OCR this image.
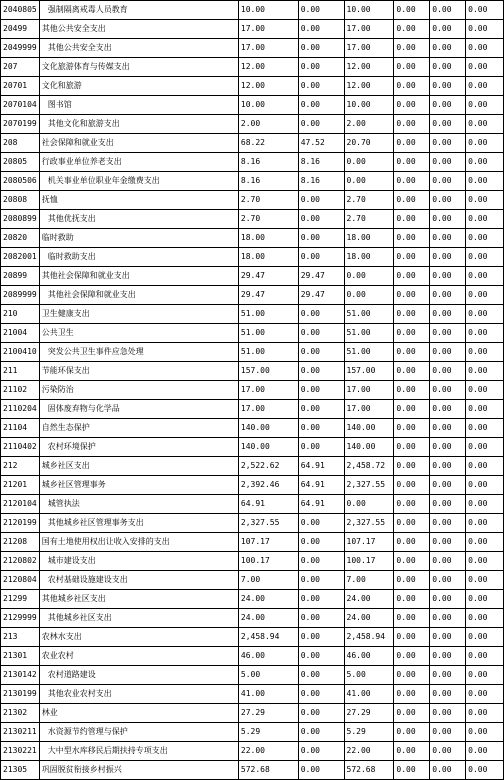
2040805	强制隔离戒毒人员教育	10.00	0.00	10.00	0.00	0.00	0.00
20499	其他公共安全支出	17.00	0.00	17.00	0.00	0.00	0.00
2049999	其他公共安全支出	17.00	0.00	17.00	0.00	0.00	0.00
207	文化旅游体育与传媒支出	12.00	0.00	12.00	0.00	0.00	0.00
20701	文化和旅游	12.00	0.00	12.00	0.00	0.00	0.00
2070104	图书馆	10.00	0.00	10.00	0.00	0.00	0.00
2070199	其他文化和旅游支出	2.00	0.00	2.00	0.00	0.00	0.00
208	社会保障和就业支出	68.22	47.52	20.70	0.00	0.00	0.00
20805	行政事业单位养老支出	8.16	8.16	0.00	0.00	0.00	0.00
2080506	机关事业单位职业年金缴费支出	8.16	8.16	0.00	0.00	0.00	0.00
20808	抚恤	2.70	0.00	2.70	0.00	0.00	0.00
2080899	其他优抚支出	2.70	0.00	2.70	0.00	0.00	0.00
20820	临时救助	18.00	0.00	18.00	0.00	0.00	0.00
2082001	临时救助支出	18.00	0.00	18.00	0.00	0.00	0.00
20899	其他社会保障和就业支出	29.47	29.47	0.00	0.00	0.00	0.00
2089999	其他社会保障和就业支出	29.47	29.47	0.00	0.00	0.00	0.00
210	卫生健康支出	51.00	0.00	51.00	0.00	0.00	0.00
21004	公共卫生	51.00	0.00	51.00	0.00	0.00	0.00
2100410	突发公共卫生事件应急处理	51.00	0.00	51.00	0.00	0.00	0.00
211	节能环保支出	157.00	0.00	157.00	0.00	0.00	0.00
21102	污染防治	17.00	0.00	17.00	0.00	0.00	0.00
2110204	固体废弃物与化学品	17.00	0.00	17.00	0.00	0.00	0.00
21104	自然生态保护	140.00	0.00	140.00	0.00	0.00	0.00
2110402	农村环境保护	140.00	0.00	140.00	0.00	0.00	0.00
212	城乡社区支出	2,522.62	64.91	2,458.72	0.00	0.00	0.00
21201	城乡社区管理事务	2,392.46	64.91	2,327.55	0.00	0.00	0.00
2120104	城管执法	64.91	64.91	0.00	0.00	0.00	0.00
2120199	其他城乡社区管理事务支出	2,327.55	0.00	2,327.55	0.00	0.00	0.00
21208	国有土地使用权出让收入安排的支出	107.17	0.00	107.17	0.00	0.00	0.00
2120802	城市建设支出	100.17	0.00	100.17	0.00	0.00	0.00
2120804	农村基础设施建设支出	7.00	0.00	7.00	0.00	0.00	0.00
21299	其他城乡社区支出	24.00	0.00	24.00	0.00	0.00	0.00
2129999	其他城乡社区支出	24.00	0.00	24.00	0.00	0.00	0.00
213	农林水支出	2,458.94	0.00	2,458.94	0.00	0.00	0.00
21301	农业农村	46.00	0.00	46.00	0.00	0.00	0.00
2130142	农村道路建设	5.00	0.00	5.00	0.00	0.00	0.00
2130199	其他农业农村支出	41.00	0.00	41.00	0.00	0.00	0.00
21302	林业	27.29	0.00	27.29	0.00	0.00	0.00
2130211	水资源节约管理与保护	5.29	0.00	5.29	0.00	0.00	0.00
2130221	大中型水库移民后期扶持专项支出	22.00	0.00	22.00	0.00	0.00	0.00
21305	巩固脱贫衔接乡村振兴	572.68	0.00	572.68	0.00	0.00	0.00
